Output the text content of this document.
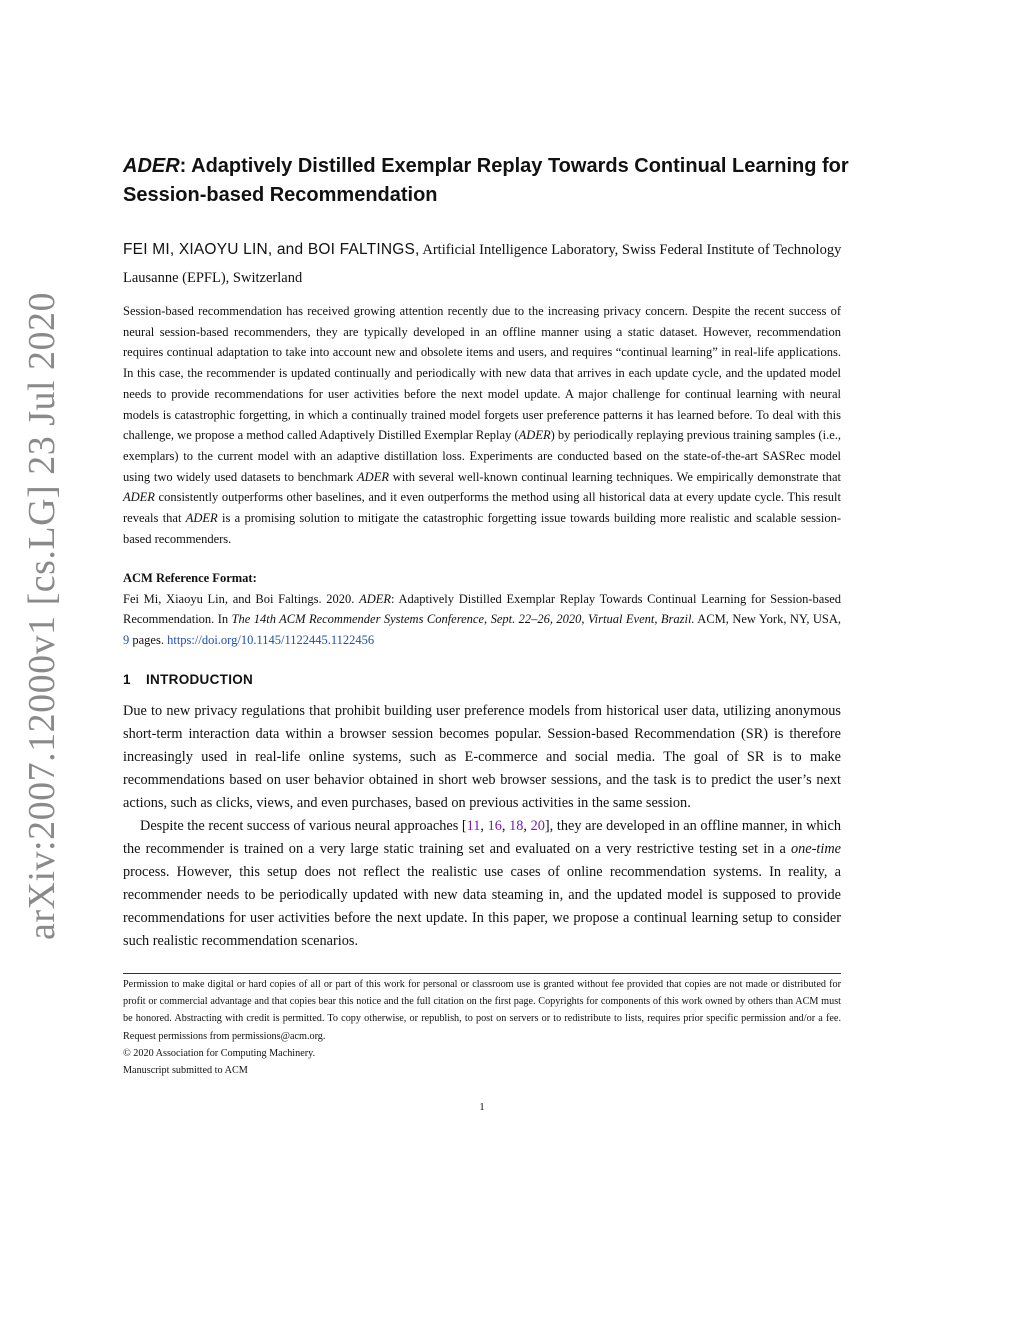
arXiv:2007.12000v1 [cs.LG] 23 Jul 2020
ADER: Adaptively Distilled Exemplar Replay Towards Continual Learning for Session-based Recommendation
FEI MI, XIAOYU LIN, and BOI FALTINGS, Artificial Intelligence Laboratory, Swiss Federal Institute of Technology Lausanne (EPFL), Switzerland
Session-based recommendation has received growing attention recently due to the increasing privacy concern. Despite the recent success of neural session-based recommenders, they are typically developed in an offline manner using a static dataset. However, recommendation requires continual adaptation to take into account new and obsolete items and users, and requires “continual learning” in real-life applications. In this case, the recommender is updated continually and periodically with new data that arrives in each update cycle, and the updated model needs to provide recommendations for user activities before the next model update. A major challenge for continual learning with neural models is catastrophic forgetting, in which a continually trained model forgets user preference patterns it has learned before. To deal with this challenge, we propose a method called Adaptively Distilled Exemplar Replay (ADER) by periodically replaying previous training samples (i.e., exemplars) to the current model with an adaptive distillation loss. Experiments are conducted based on the state-of-the-art SASRec model using two widely used datasets to benchmark ADER with several well-known continual learning techniques. We empirically demonstrate that ADER consistently outperforms other baselines, and it even outperforms the method using all historical data at every update cycle. This result reveals that ADER is a promising solution to mitigate the catastrophic forgetting issue towards building more realistic and scalable session-based recommenders.
ACM Reference Format:
Fei Mi, Xiaoyu Lin, and Boi Faltings. 2020. ADER: Adaptively Distilled Exemplar Replay Towards Continual Learning for Session-based Recommendation. In The 14th ACM Recommender Systems Conference, Sept. 22–26, 2020, Virtual Event, Brazil. ACM, New York, NY, USA, 9 pages. https://doi.org/10.1145/1122445.1122456
1 INTRODUCTION

Due to new privacy regulations that prohibit building user preference models from historical user data, utilizing anonymous short-term interaction data within a browser session becomes popular. Session-based Recommendation (SR) is therefore increasingly used in real-life online systems, such as E-commerce and social media. The goal of SR is to make recommendations based on user behavior obtained in short web browser sessions, and the task is to predict the user’s next actions, such as clicks, views, and even purchases, based on previous activities in the same session.

Despite the recent success of various neural approaches [11, 16, 18, 20], they are developed in an offline manner, in which the recommender is trained on a very large static training set and evaluated on a very restrictive testing set in a one-time process. However, this setup does not reflect the realistic use cases of online recommendation systems. In reality, a recommender needs to be periodically updated with new data steaming in, and the updated model is supposed to provide recommendations for user activities before the next update. In this paper, we propose a continual learning setup to consider such realistic recommendation scenarios.

Permission to make digital or hard copies of all or part of this work for personal or classroom use is granted without fee provided that copies are not made or distributed for profit or commercial advantage and that copies bear this notice and the full citation on the first page. Copyrights for components of this work owned by others than ACM must be honored. Abstracting with credit is permitted. To copy otherwise, or republish, to post on servers or to redistribute to lists, requires prior specific permission and/or a fee. Request permissions from permissions@acm.org.

© 2020 Association for Computing Machinery.

Manuscript submitted to ACM

1
